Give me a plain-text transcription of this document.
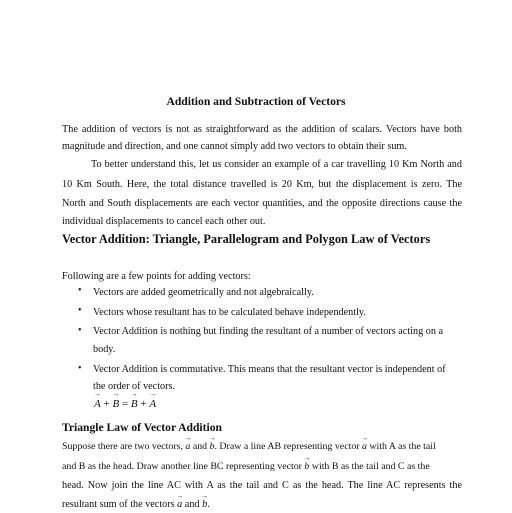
Addition and Subtraction of Vectors
The addition of vectors is not as straightforward as the addition of scalars. Vectors have both
magnitude and direction, and one cannot simply add two vectors to obtain their sum.
To better understand this, let us consider an example of a car travelling 10 Km North and
10 Km South. Here, the total distance travelled is 20 Km, but the displacement is zero. The
North and South displacements are each vector quantities, and the opposite directions cause the
individual displacements to cancel each other out.
Vector Addition: Triangle, Parallelogram and Polygon Law of Vectors
Following are a few points for adding vectors:
• Vectors are added geometrically and not algebraically.
• Vectors whose resultant has to be calculated behave independently.
• Vector Addition is nothing but finding the resultant of a number of vectors acting on a
body.
• Vector Addition is commutative. This means that the resultant vector is independent of
the order of vectors.
→ A + → B = → B + → A
Triangle Law of Vector Addition
Suppose there are two vectors, → a and → b. Draw a line AB representing vector → a with A as the tail
and B as the head. Draw another line BC representing vector → b with B as the tail and C as the
head. Now join the line AC with A as the tail and C as the head. The line AC represents the
resultant sum of the vectors → a and → b.
